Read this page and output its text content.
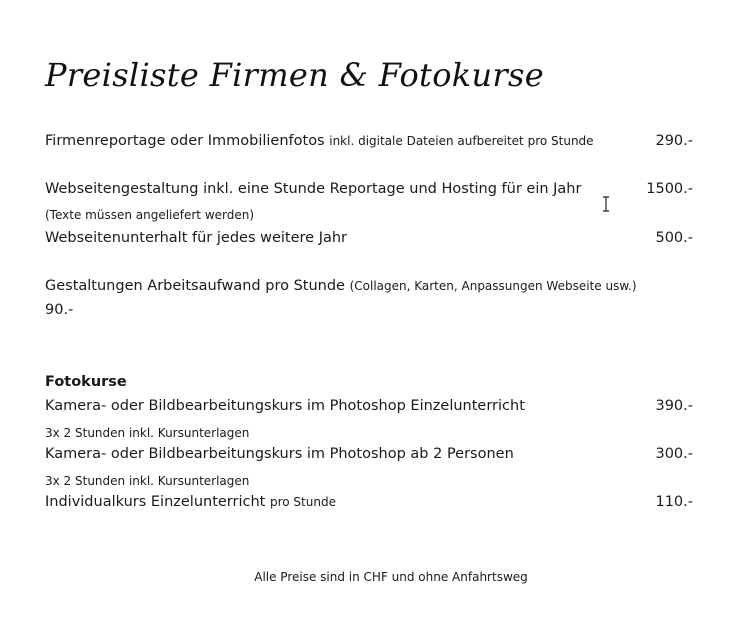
Preisliste Firmen & Fotokurse
Firmenreportage oder Immobilienfotos inkl. digitale Dateien aufbereitet pro Stunde	290.-
Webseitengestaltung inkl. eine Stunde Reportage und Hosting für ein Jahr	1500.-
(Texte müssen angeliefert werden)
Webseitenunterhalt für jedes weitere Jahr	500.-
Gestaltungen Arbeitsaufwand pro Stunde (Collagen, Karten, Anpassungen Webseite usw.)
90.-
Fotokurse
Kamera- oder Bildbearbeitungskurs im Photoshop Einzelunterricht	390.-
3x 2 Stunden inkl. Kursunterlagen
Kamera- oder Bildbearbeitungskurs im Photoshop ab 2 Personen	300.-
3x 2 Stunden inkl. Kursunterlagen
Individualkurs Einzelunterricht pro Stunde	110.-
Alle Preise sind in CHF und ohne Anfahrtsweg
